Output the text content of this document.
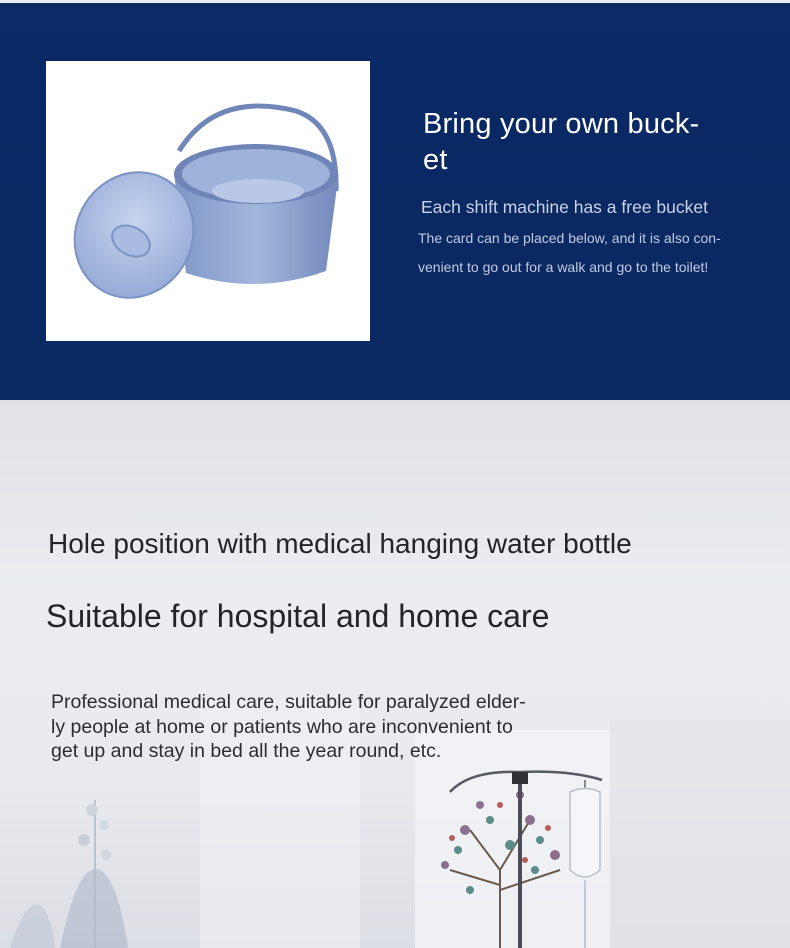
Bring your own buck-
et
Each shift machine has a free bucket
The card can be placed below, and it is also con-
venient to go out for a walk and go to the toilet!
Hole position with medical hanging water bottle
Suitable for hospital and home care
Professional medical care, suitable for paralyzed elder-
ly people at home or patients who are inconvenient to
get up and stay in bed all the year round, etc.
